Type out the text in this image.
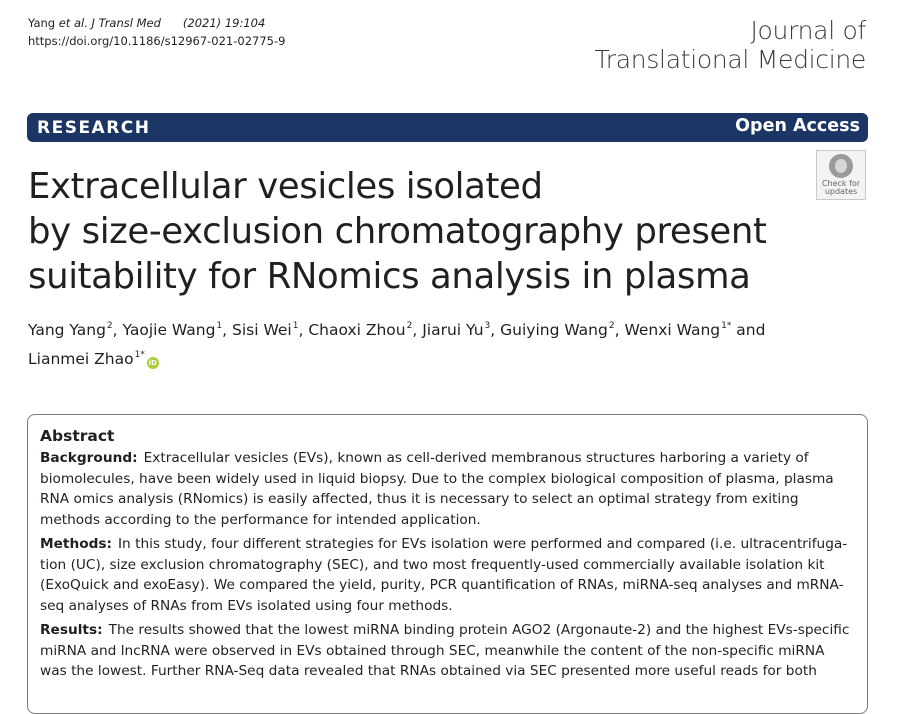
Yang et al. J Transl Med (2021) 19:104
https://doi.org/10.1186/s12967-021-02775-9	Journal of
Translational Medicine
RESEARCH	Open Access
Check for
updates
Extracellular vesicles isolated
by size-exclusion chromatography present
suitability for RNomics analysis in plasma
Yang Yang$^2$, Yaojie Wang$^1$, Sisi Wei$^1$, Chaoxi Zhou$^2$, Jiarui Yu$^3$, Guiying Wang$^2$, Wenxi Wang$^{1*}$ and
Lianmei Zhao$^{1*}$iD
Abstract

Background: Extracellular vesicles (EVs), known as cell-derived membranous structures harboring a variety of biomolecules, have been widely used in liquid biopsy. Due to the complex biological composition of plasma, plasma RNA omics analysis (RNomics) is easily affected, thus it is necessary to select an optimal strategy from exiting methods according to the performance for intended application.

Methods: In this study, four different strategies for EVs isolation were performed and compared (i.e. ultracentrifuga-tion (UC), size exclusion chromatography (SEC), and two most frequently-used commercially available isolation kit (ExoQuick and exoEasy). We compared the yield, purity, PCR quantification of RNAs, miRNA-seq analyses and mRNA-seq analyses of RNAs from EVs isolated using four methods.

Results: The results showed that the lowest miRNA binding protein AGO2 (Argonaute-2) and the highest EVs-specific miRNA and lncRNA were observed in EVs obtained through SEC, meanwhile the content of the non-specific miRNA was the lowest. Further RNA-Seq data revealed that RNAs obtained via SEC presented more useful reads for both
